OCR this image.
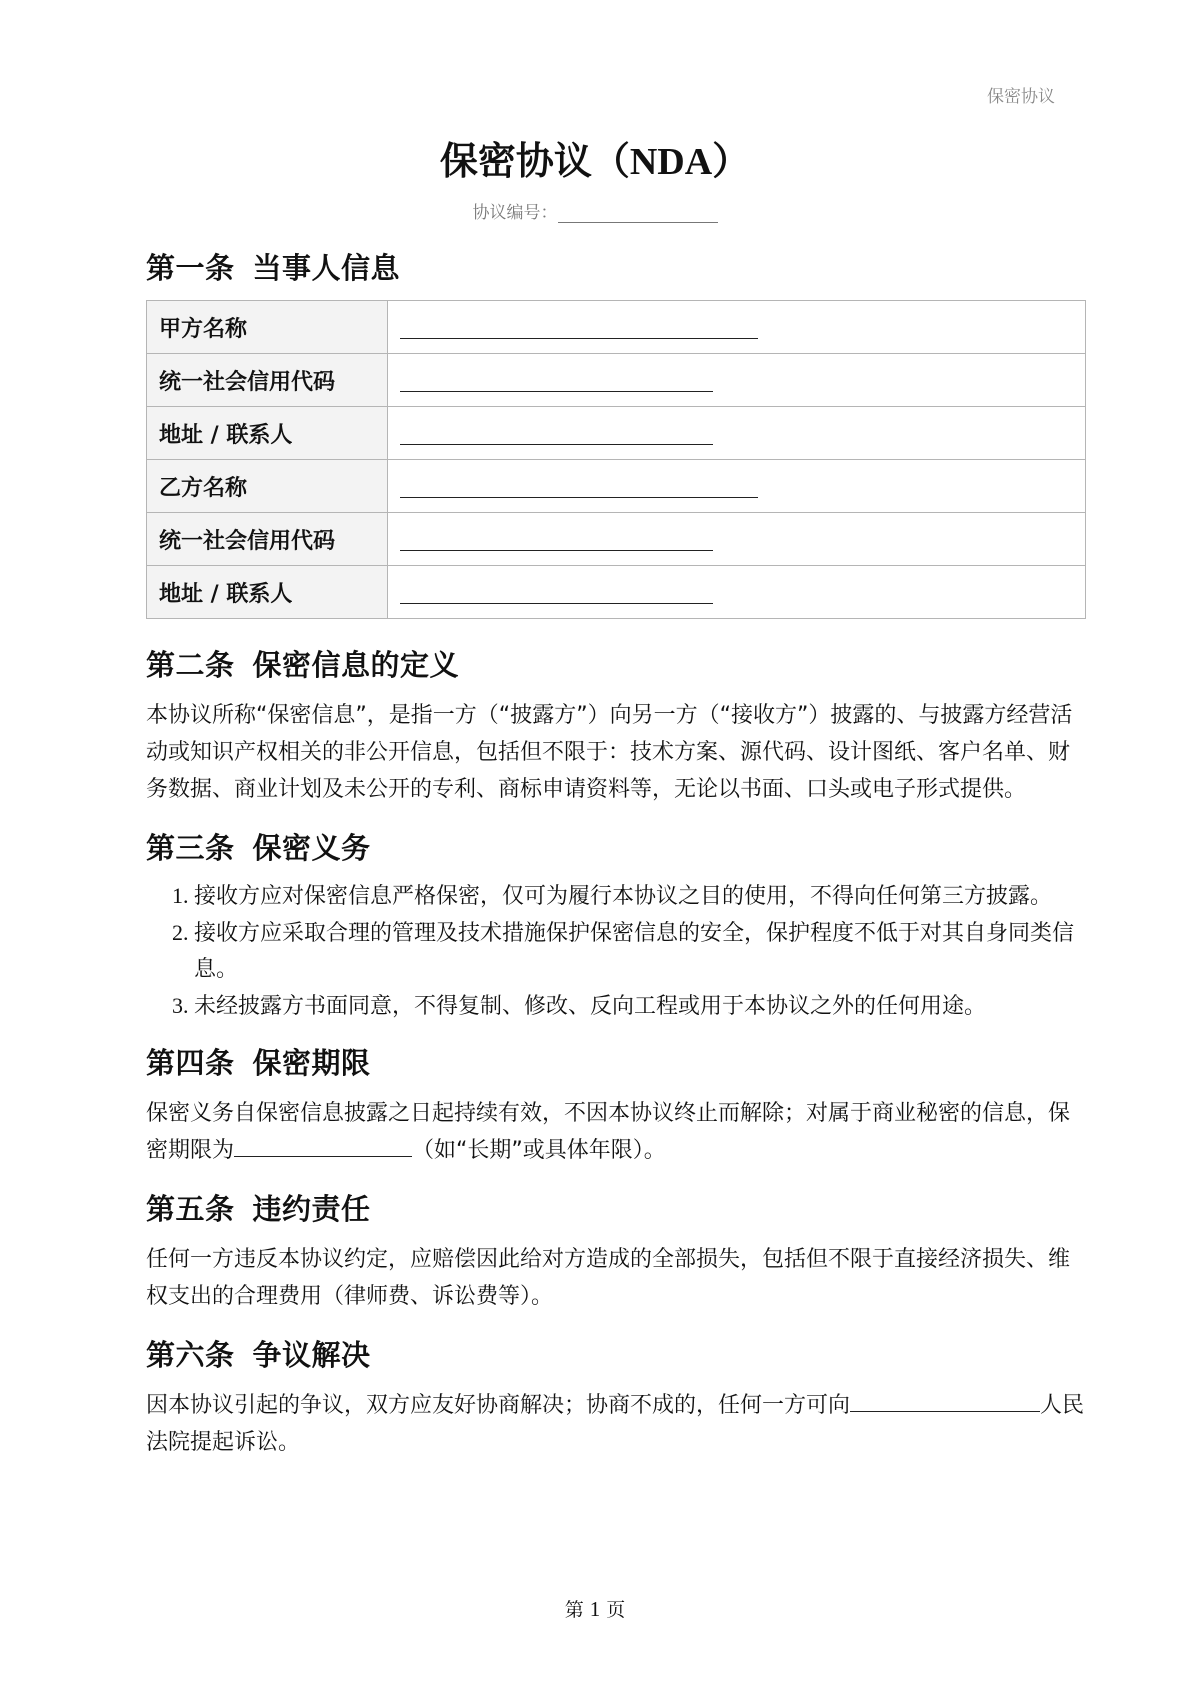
保密协议
保密协议（NDA）
协议编号：
第一条 当事人信息
甲方名称	
统一社会信用代码	
地址 / 联系人	
乙方名称	
统一社会信用代码	
地址 / 联系人	
第二条 保密信息的定义

本协议所称“保密信息”，是指一方（“披露方”）向另一方（“接收方”）披露的、与披露方经营活动或知识产权相关的非公开信息，包括但不限于：技术方案、源代码、设计图纸、客户名单、财务数据、商业计划及未公开的专利、商标申请资料等，无论以书面、口头或电子形式提供。

第三条 保密义务
1. 接收方应对保密信息严格保密，仅可为履行本协议之目的使用，不得向任何第三方披露。
2. 接收方应采取合理的管理及技术措施保护保密信息的安全，保护程度不低于对其自身同类信息。
3. 未经披露方书面同意，不得复制、修改、反向工程或用于本协议之外的任何用途。
第四条 保密期限

保密义务自保密信息披露之日起持续有效，不因本协议终止而解除；对属于商业秘密的信息，保密期限为	（如“长期”或具体年限）。

第五条 违约责任

任何一方违反本协议约定，应赔偿因此给对方造成的全部损失，包括但不限于直接经济损失、维权支出的合理费用（律师费、诉讼费等）。

第六条 争议解决

因本协议引起的争议，双方应友好协商解决；协商不成的，任何一方可向	人民法院提起诉讼。

第 1 页
